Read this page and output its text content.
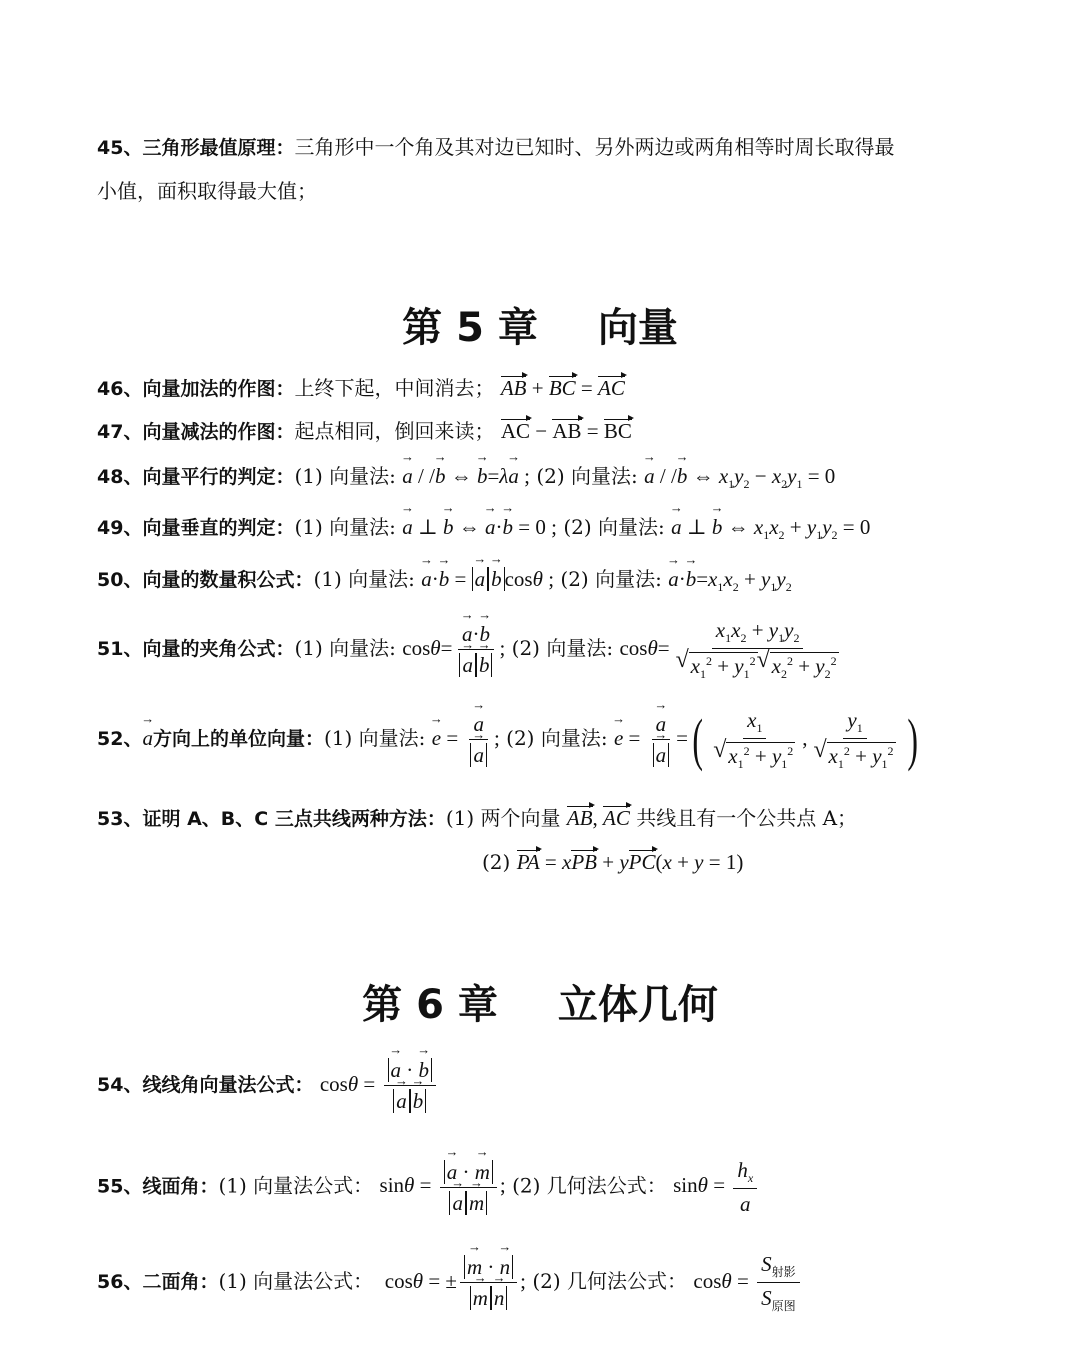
45、三角形最值原理：三角形中一个角及其对边已知时、另外两边或两角相等时周长取得最
小值，面积取得最大值；
第 5 章 向量
46、向量加法的作图：上终下起，中间消去； AB + BC = AC
47、向量减法的作图：起点相同，倒回来读； AC − AB = BC
48、向量平行的判定：(1) 向量法: → a / /→ b ⇔ → b=λ→ a ; (2) 向量法: → a / /→ b ⇔ $x_1y_2 - x_2y_1 = 0$
49、向量垂直的判定：(1) 向量法: → a ⊥ → b ⇔ → a·→ b = 0 ; (2) 向量法: → a ⊥ → b ⇔ $x_1x_2 + y_1y_2 = 0$
50、向量的数量积公式：(1) 向量法: → a·→ b = → a→ b cosθ ; (2) 向量法: → $a\cdot\to b=x_1x_2 + y_1y_2$
51、向量的夹角公式：(1) 向量法: cosθ=
→ a·→ b
→ a→ b ; (2) 向量法: $\cos\theta= x_1x_2 + y_1y_2$
√ $x_1^2 + y_1^2√$ $x_2^2 + y_2^2$
52、→ a方向上的单位向量：(1) 向量法: → e =
→ a
→ a ; (2) 向量法: → e =
→ a
→ a =( $x_1$
√ $x_1^2 + y_1^2$ , $y_1$
√ $x_1^2 + y_1^2$ )
53、证明 A、B、C 三点共线两种方法：(1) 两个向量 AB, AC 共线且有一个公共点 A；
(2) PA = xPB + yPC(x + y = 1)
第 6 章 立体几何
54、线线角向量法公式： cosθ =
→ a · → b
→ a→ b
55、线面角：(1) 向量法公式： sinθ =
→ a · → m
→ a→ m ; (2) 几何法公式： $\sin\theta = \frac{h_x}{a}$
56、二面角：(1) 向量法公式：  cosθ = ±
→ m · → n
→ m→ n ; (2) 几何法公式： $\cos\theta = \frac{S_{射影}}{S_{原图}}$
